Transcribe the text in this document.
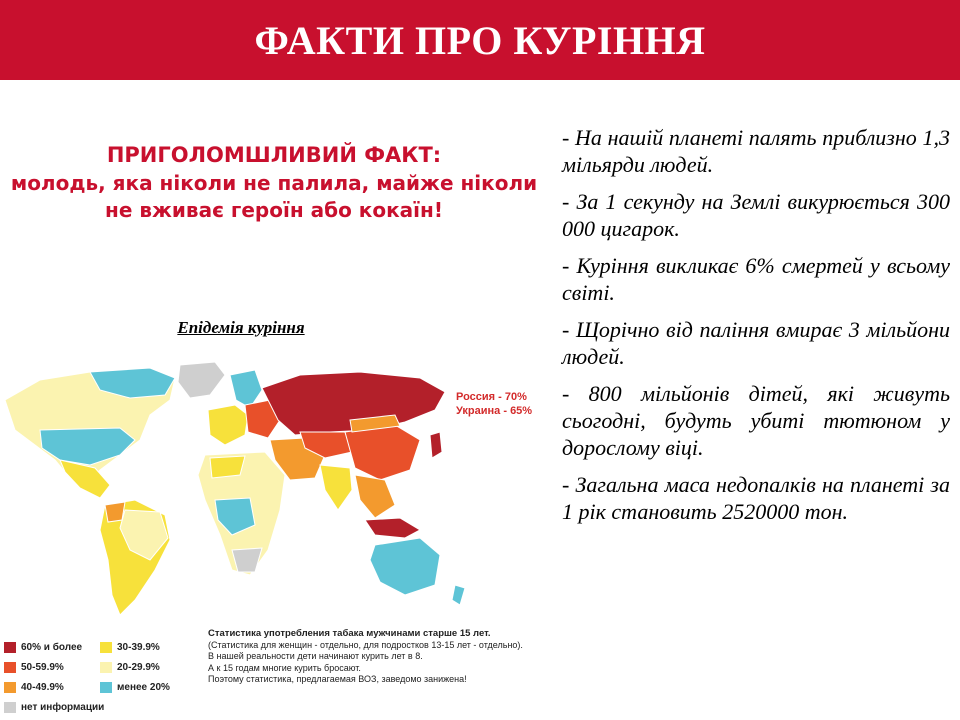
ФАКТИ ПРО КУРІННЯ
ПРИГОЛОМШЛИВИЙ ФАКТ:
молодь, яка ніколи не палила, майже ніколи не вживає героїн або кокаїн!
Епідемія куріння
Россия - 70%
Украина - 65%
60% и более
50-59.9%
40-49.9%
нет информации
30-39.9%
20-29.9%
менее 20%
Статистика употребления табака мужчинами старше 15 лет.
(Статистика для женщин - отдельно, для подростков 13-15 лет - отдельно).
В нашей реальности дети начинают курить лет в 8.
А к 15 годам многие курить бросают.
Поэтому статистика, предлагаемая ВОЗ, заведомо занижена!

- На нашій планеті палять приблизно 1,3 мільярди людей.

- За 1 секунду на Землі викурюється 300 000 цигарок.

- Куріння викликає 6% смертей у всьому світі.

- Щорічно від паління вмирає 3 мільйони людей.

- 800 мільйонів дітей, які живуть сьогодні, будуть убиті тютюном у дорослому віці.

- Загальна маса недопалків на планеті за 1 рік становить 2520000 тон.
